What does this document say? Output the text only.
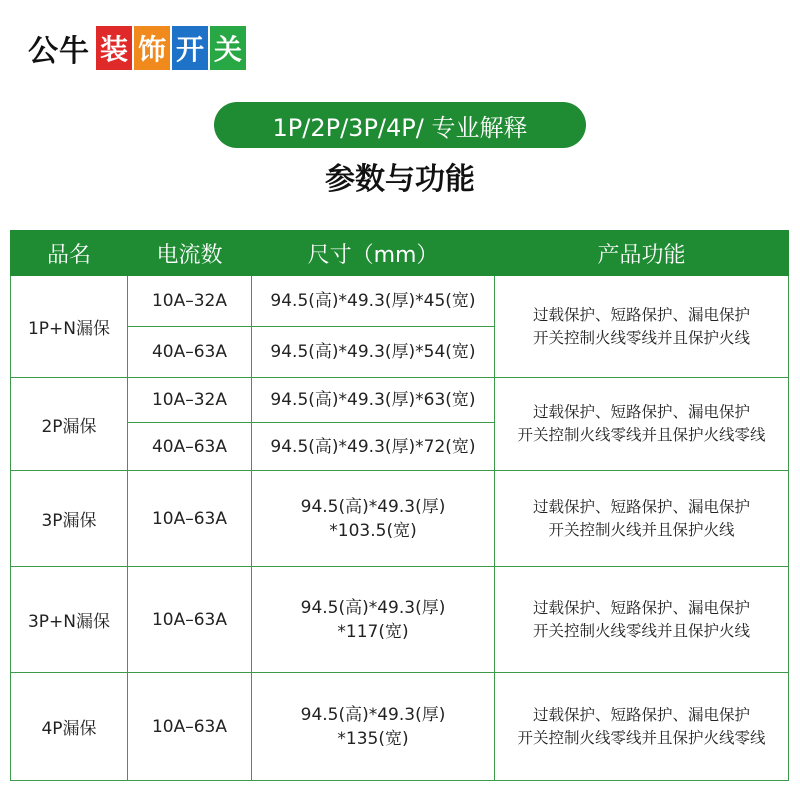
公牛 装 饰 开 关
1P/2P/3P/4P/ 专业解释
参数与功能
品名	电流数	尺寸（mm）	产品功能
1P+N漏保	10A–32A	94.5(高)*49.3(厚)*45(宽)	过载保护、短路保护、漏电保护
开关控制火线零线并且保护火线

	40A–63A	94.5(高)*49.3(厚)*54(宽)	

2P漏保	10A–32A	94.5(高)*49.3(厚)*63(宽)	过载保护、短路保护、漏电保护
开关控制火线零线并且保护火线零线

	40A–63A	94.5(高)*49.3(厚)*72(宽)	

3P漏保	10A–63A	94.5(高)*49.3(厚)
*103.5(宽)	过载保护、短路保护、漏电保护
开关控制火线并且保护火线

3P+N漏保	10A–63A	94.5(高)*49.3(厚)
*117(宽)	过载保护、短路保护、漏电保护
开关控制火线零线并且保护火线

4P漏保	10A–63A	94.5(高)*49.3(厚)
*135(宽)	过载保护、短路保护、漏电保护
开关控制火线零线并且保护火线零线
